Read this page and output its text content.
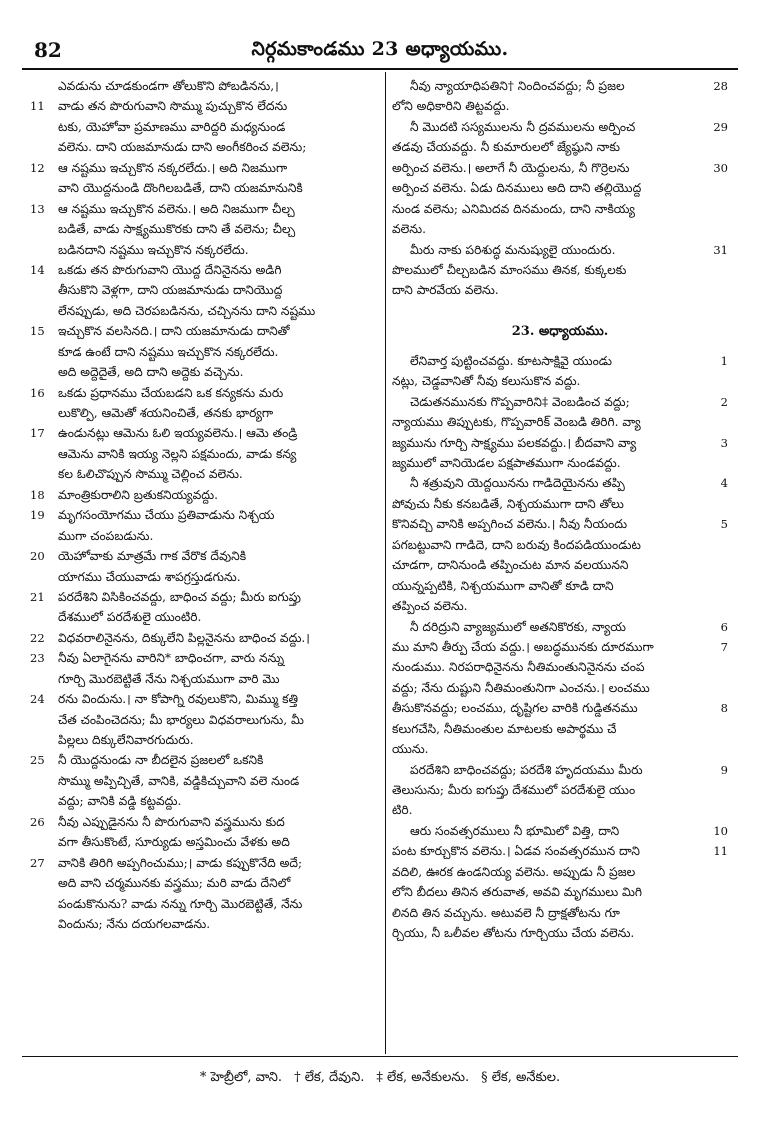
82	నిర్గమకాండము 23 అధ్యాయము.
ఎవడును చూడకుండగా తోలుకొని పోబడినను,।
11 వాడు తన పొరుగువాని సొమ్ము పుచ్చుకొన లేదను
టకు, యెహోవా ప్రమాణము వారిద్దరి మధ్యనుండ
వలెను. దాని యజమానుడు దాని అంగీకరించ వలెను;
12 ఆ నష్టము ఇచ్చుకొన నక్కరలేదు.। అది నిజముగా
వాని యొద్దనుండి దొంగిలబడితే, దాని యజమానునికి
13 ఆ నష్టము ఇచ్చుకొన వలెను.। అది నిజముగా చీల్చ
బడితే, వాడు సాక్ష్యముకొరకు దాని తే వలెను; చీల్చ
బడినదాని నష్టము ఇచ్చుకొన నక్కరలేదు.
14 ఒకడు తన పొరుగువాని యొద్ద దేనినైనను అడిగి
తీసుకొని వెళ్లగా, దాని యజమానుడు దానియొద్ద
లేనప్పుడు, అది చెరపబడినను, చచ్చినను దాని నష్టము
15 ఇచ్చుకొన వలసినది.। దాని యజమానుడు దానితో
కూడ ఉంటే దాని నష్టము ఇచ్చుకొన నక్కరలేదు.
అది అద్దెదైతే, అది దాని అద్దెకు వచ్చెను.
16 ఒకడు ప్రధానము చేయబడని ఒక కన్యకను మరు
లుకొల్పి, ఆమెతో శయనించితే, తనకు భార్యగా
17 ఉండునట్లు ఆమెను ఓలి ఇయ్యవలెను.। ఆమె తండ్రి
ఆమెను వానికి ఇయ్య నెల్లని పక్షమందు, వాడు కన్య
కల ఓలిచొప్పున సొమ్ము చెల్లించ వలెను.
18 మాంత్రికురాలిని బ్రతుకనియ్యవద్దు.
19 మృగసంయోగము చేయు ప్రతివాడును నిశ్చయ
ముగా చంపబడును.
20 యెహోవాకు మాత్రమే గాక వేరొక దేవునికి
యాగము చేయువాడు శాపగ్రస్తుడగును.
21 పరదేశిని విసికించవద్దు, బాధించ వద్దు; మీరు ఐగుప్తు
దేశములో పరదేశులై యుంటిరి.
22 విధవరాలినైనను, దిక్కులేని పిల్లనైనను బాధించ వద్దు.।
23 నీవు ఏలాగైనను వారిని* బాధించగా, వారు నన్ను
గూర్చి మొరబెట్టితే నేను నిశ్చయముగా వారి మొ
24 రను విందును.। నా కోపాగ్ని రవులుకొని, మిమ్ము కత్తి
చేత చంపించెదను; మీ భార్యలు విధవరాలుగును, మీ
పిల్లలు దిక్కులేనివారగుదురు.
25 నీ యొద్దనుండు నా బీదలైన ప్రజలలో ఒకనికి
సొమ్ము అప్పిచ్చితే, వానికి, వడ్డికిచ్చువాని వలె నుండ
వద్దు; వానికి వడ్డి కట్టవద్దు.
26 నీవు ఎప్పుడైనను నీ పొరుగువాని వస్త్రమును కుద
వగా తీసుకొంటే, సూర్యుడు అస్తమించు వేళకు అది
27 వానికి తిరిగి అప్పగించుము;। వాడు కప్పుకొనేది అదే;
అది వాని చర్మమునకు వస్త్రము; మరి వాడు దేనిలో
పండుకొనును? వాడు నన్ను గూర్చి మొరబెట్టితే, నేను
విందును; నేను దయగలవాడను.
28
నీవు న్యాయాధిపతిని† నిందించవద్దు; నీ ప్రజల
లోని అధికారిని తిట్టవద్దు.
29
నీ మొదటి సస్యములను నీ ద్రవములను అర్పించ
తడవు చేయవద్దు. నీ కుమారులలో జ్యేష్ఠుని నాకు
30
అర్పించ వలెను.। అలాగే నీ యెద్దులను, నీ గొర్రెలను
అర్పించ వలెను. ఏడు దినములు అది దాని తల్లియొద్ద
నుండ వలెను; ఎనిమిదవ దినమందు, దాని నాకియ్య
వలెను.
31
మీరు నాకు పరిశుద్ధ మనుష్యులై యుందురు.
పొలములో చీల్చబడిన మాంసము తినక, కుక్కలకు
దాని పారవేయ వలెను.
23. అధ్యాయము.
1
లేనివార్త పుట్టించవద్దు. కూటసాక్షివై యుండు
నట్లు, చెడ్డవానితో నీవు కలుసుకొన వద్దు.
2
చెడుతనమునకు గొప్పవారిని‡ వెంబడించ వద్దు;
న్యాయము తిప్పుటకు, గొప్పవారిక్ వెంబడి తిరిగి. వ్యా
3
జ్యమును గూర్చి సాక్ష్యము పలకవద్దు.। బీదవాని వ్యా
జ్యములో వానియెడల పక్షపాతముగా నుండవద్దు.
4
నీ శత్రువుని యెద్దయినను గాడిదెయైనను తప్పి
పోవుచు నీకు కనబడితే, నిశ్చయముగా దాని తోలు
5
కొనివచ్చి వానికి అప్పగించ వలెను.। నీవు నీయందు
పగబట్టువాని గాడిదె, దాని బరువు కిందపడియుండుట
చూడగా, దానినుండి తప్పించుట మాన వలయునని
యున్నప్పటికి, నిశ్చయముగా వానితో కూడి దాని
తప్పించ వలెను.
6
నీ దరిద్రుని వ్యాజ్యములో అతనికొరకు, న్యాయ
7
ము మాని తీర్పు చేయ వద్దు.। అబద్ధమునకు దూరముగా
నుండుము. నిరపరాధినైనను నీతిమంతునినైనను చంప
వద్దు; నేను దుష్టుని నీతిమంతునిగా ఎంచను.। లంచము
8
తీసుకొనవద్దు; లంచము, దృష్టిగల వారికి గుడ్డితనము
కలుగచేసి, నీతిమంతుల మాటలకు అపార్థము చే
యును.
9
పరదేశిని బాధించవద్దు; పరదేశి హృదయము మీరు
తెలుసును; మీరు ఐగుప్తు దేశములో పరదేశులై యుం
టిరి.
10
ఆరు సంవత్సరములు నీ భూమిలో విత్తి, దాని
11
పంట కూర్చుకొన వలెను.। ఏడవ సంవత్సరమున దాని
వదిలి, ఊరక ఉండనియ్య వలెను. అప్పుడు నీ ప్రజల
లోని బీదలు తినిన తరువాత, అవవి మృగములు మిగి
లినది తిన వచ్చును. అటువలె నీ ద్రాక్షతోటను గూ
ర్చియు, నీ ఒలీవల తోటను గూర్చియు చేయ వలెను.
* హెబ్రీలో, వాని. † లేక, దేవుని. ‡ లేక, అనేకులను. § లేక, అనేకుల.
